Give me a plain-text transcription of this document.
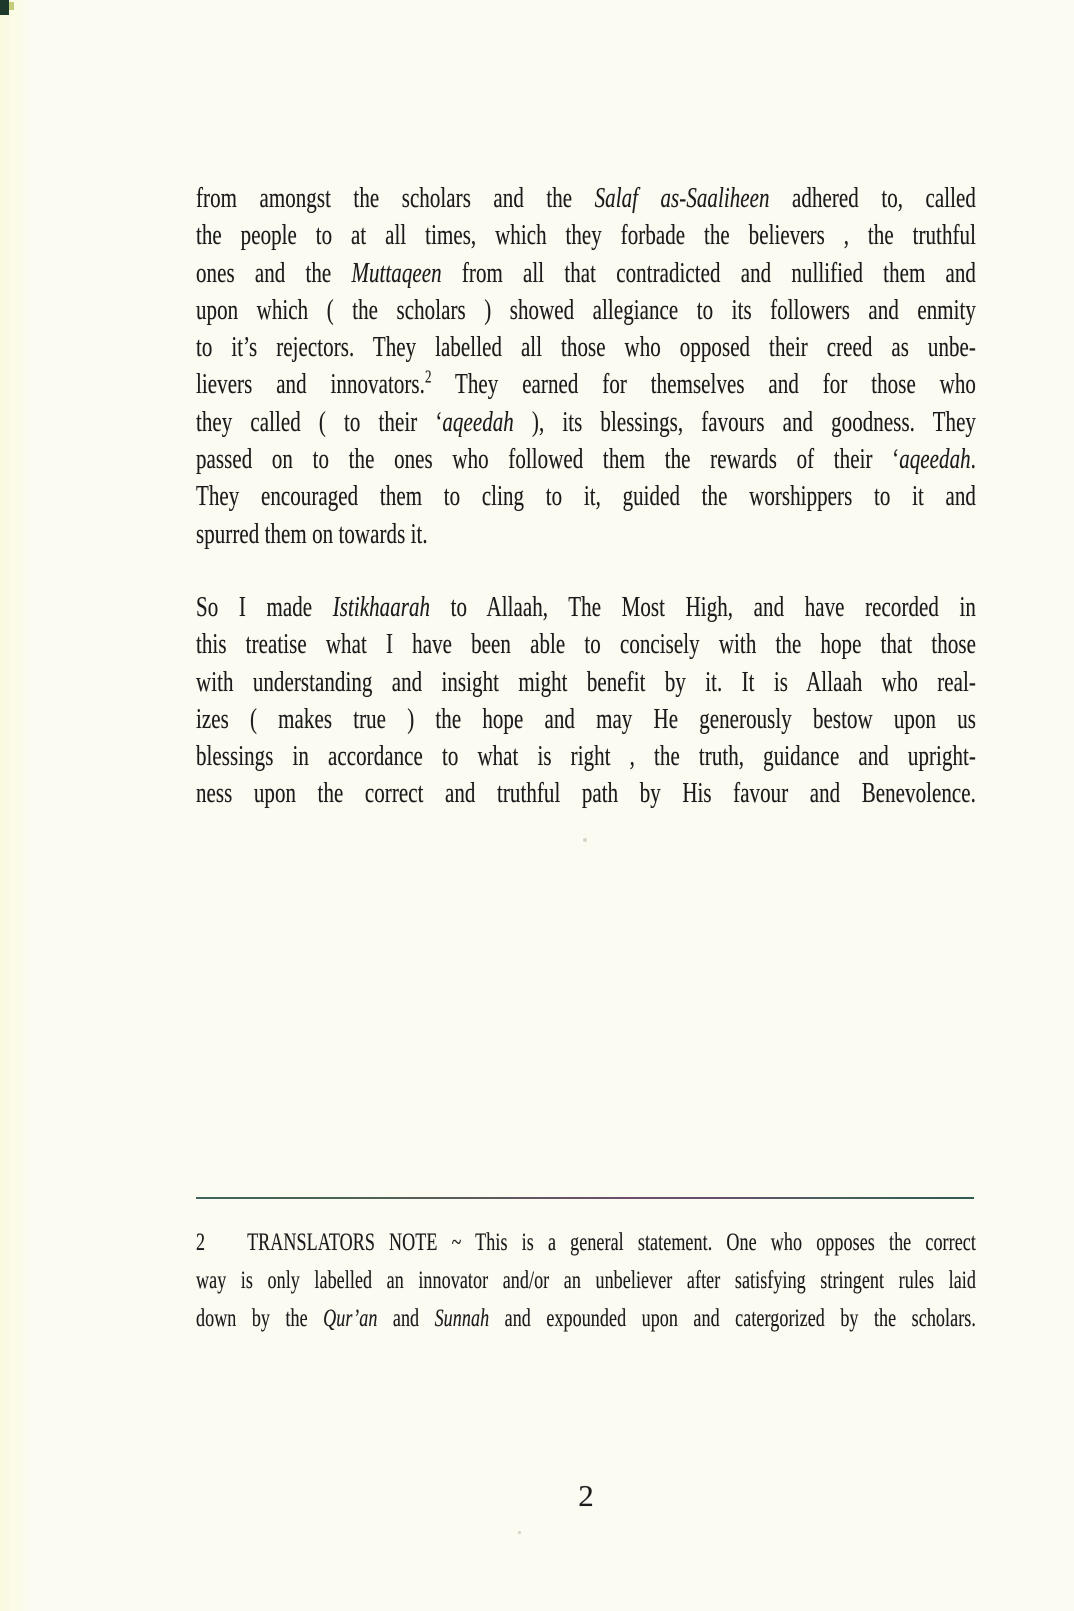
from amongst the scholars and the Salaf as-Saaliheen adhered to, called
the people to at all times, which they forbade the believers , the truthful
ones and the Muttaqeen from all that contradicted and nullified them and
upon which ( the scholars ) showed allegiance to its followers and enmity
to it’s rejectors. They labelled all those who opposed their creed as unbe-
lievers and innovators.$^2$ They earned for themselves and for those who
they called ( to their ‘aqeedah ), its blessings, favours and goodness. They
passed on to the ones who followed them the rewards of their ‘aqeedah.
They encouraged them to cling to it, guided the worshippers to it and
spurred them on towards it.
So I made Istikhaarah to Allaah, The Most High, and have recorded in
this treatise what I have been able to concisely with the hope that those
with understanding and insight might benefit by it. It is Allaah who real-
izes ( makes true ) the hope and may He generously bestow upon us
blessings in accordance to what is right , the truth, guidance and upright-
ness upon the correct and truthful path by His favour and Benevolence.
2   TRANSLATORS NOTE ~ This is a general statement. One who opposes the correct
way is only labelled an innovator and/or an unbeliever after satisfying stringent rules laid
down by the Qur’an and Sunnah and expounded upon and catergorized by the scholars.
2
